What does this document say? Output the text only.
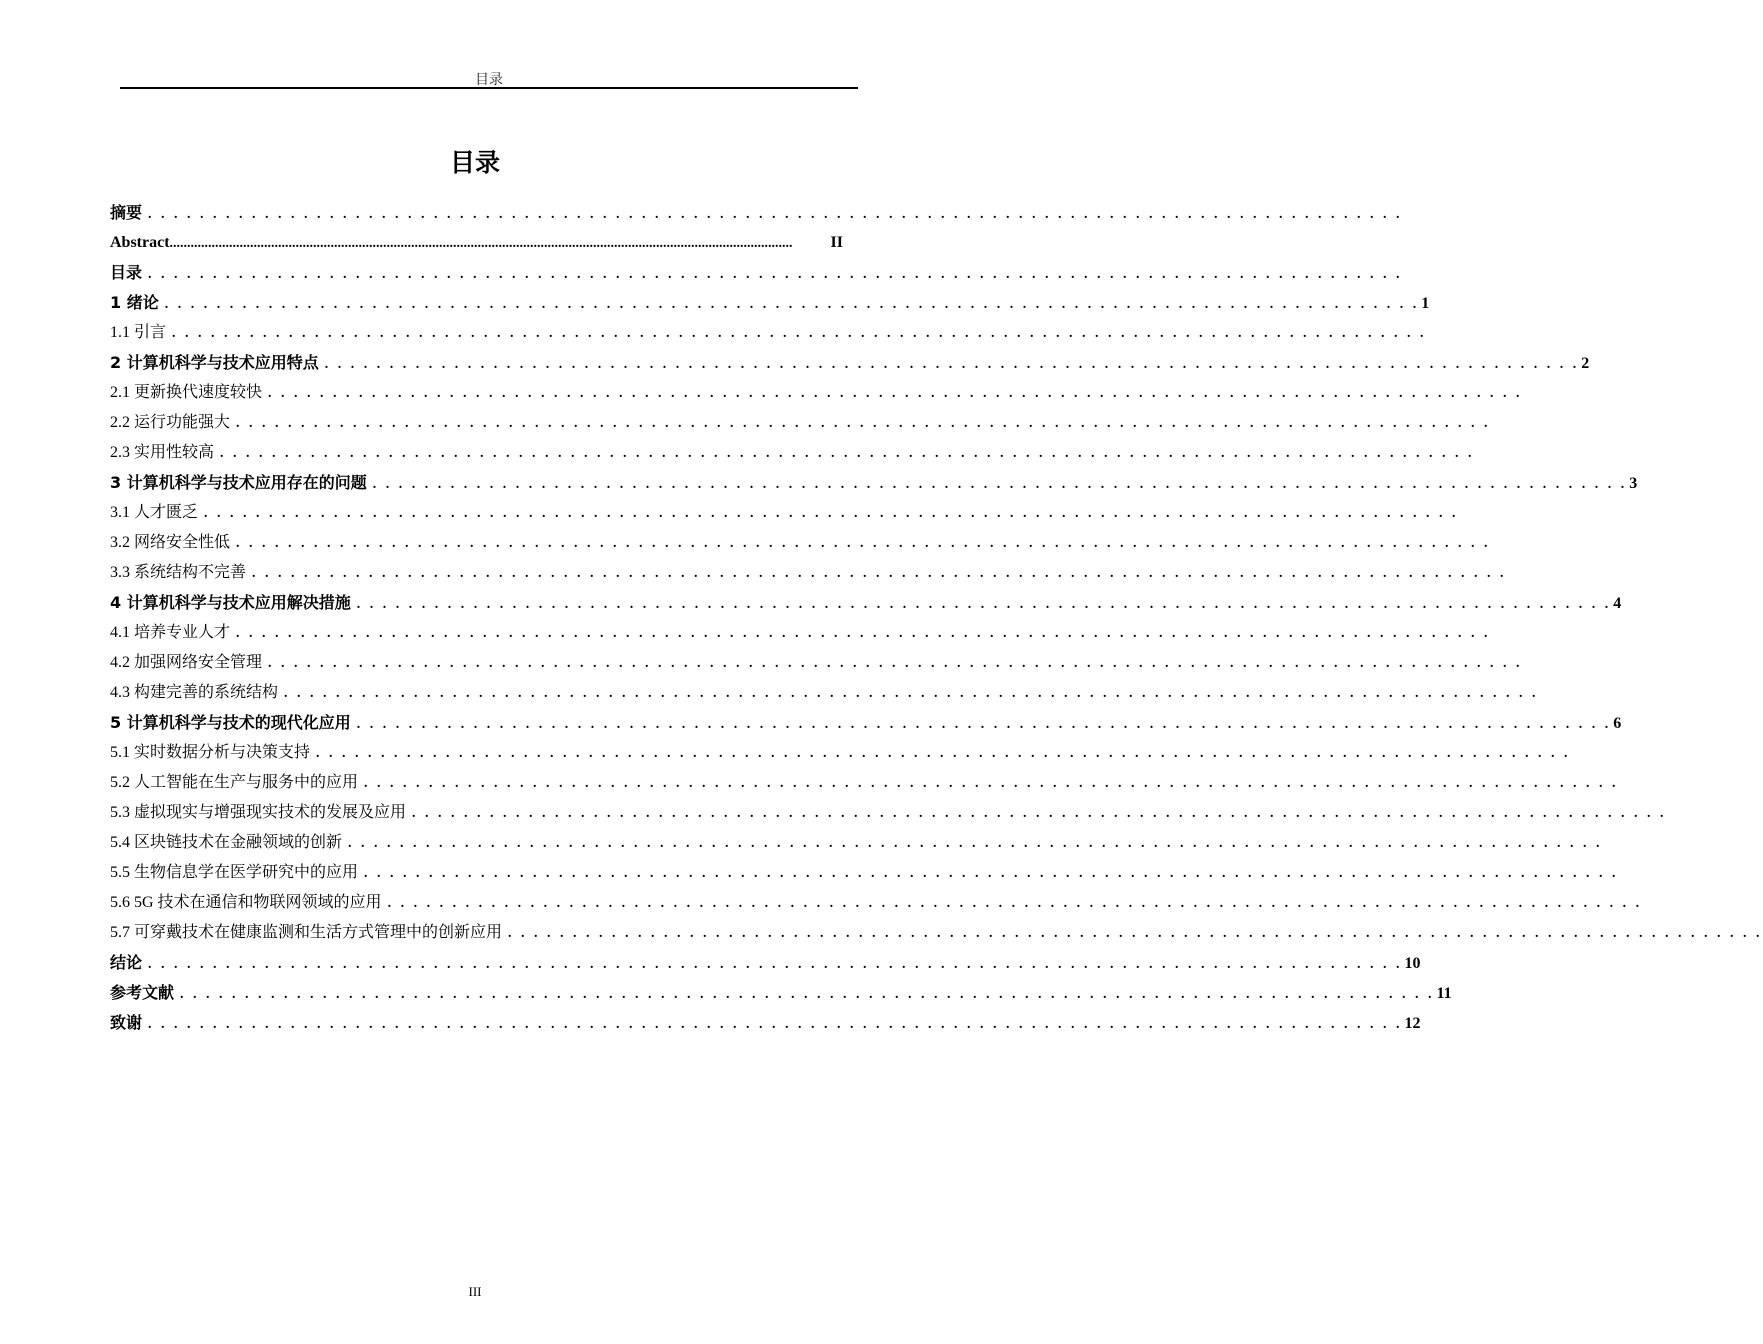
目录
目录
摘要 . . . . . . . . . . . . . . . . . . . . . . . . . . . . . . . . . . . . . . . . . . . . . . . . . . . . . . . . . . . . . . . . . . . . . . . . . . . . . . . . . . . . . . . . . . . . . . . . .
Abstract ..................................................................................................................................................................................	II
目录 . . . . . . . . . . . . . . . . . . . . . . . . . . . . . . . . . . . . . . . . . . . . . . . . . . . . . . . . . . . . . . . . . . . . . . . . . . . . . . . . . . . . . . . . . . . . . . . . .
1 绪论 . . . . . . . . . . . . . . . . . . . . . . . . . . . . . . . . . . . . . . . . . . . . . . . . . . . . . . . . . . . . . . . . . . . . . . . . . . . . . . . . . . . . . . . . . . . . . . . . . 1
1.1 引言 . . . . . . . . . . . . . . . . . . . . . . . . . . . . . . . . . . . . . . . . . . . . . . . . . . . . . . . . . . . . . . . . . . . . . . . . . . . . . . . . . . . . . . . . . . . . . . . . .
2 计算机科学与技术应用特点 . . . . . . . . . . . . . . . . . . . . . . . . . . . . . . . . . . . . . . . . . . . . . . . . . . . . . . . . . . . . . . . . . . . . . . . . . . . . . . . . . . . . . . . . . . . . . . . . . 2
2.1 更新换代速度较快 . . . . . . . . . . . . . . . . . . . . . . . . . . . . . . . . . . . . . . . . . . . . . . . . . . . . . . . . . . . . . . . . . . . . . . . . . . . . . . . . . . . . . . . . . . . . . . . . .
2.2 运行功能强大 . . . . . . . . . . . . . . . . . . . . . . . . . . . . . . . . . . . . . . . . . . . . . . . . . . . . . . . . . . . . . . . . . . . . . . . . . . . . . . . . . . . . . . . . . . . . . . . . .
2.3 实用性较高 . . . . . . . . . . . . . . . . . . . . . . . . . . . . . . . . . . . . . . . . . . . . . . . . . . . . . . . . . . . . . . . . . . . . . . . . . . . . . . . . . . . . . . . . . . . . . . . . .
3 计算机科学与技术应用存在的问题 . . . . . . . . . . . . . . . . . . . . . . . . . . . . . . . . . . . . . . . . . . . . . . . . . . . . . . . . . . . . . . . . . . . . . . . . . . . . . . . . . . . . . . . . . . . . . . . . . 3
3.1 人才匮乏 . . . . . . . . . . . . . . . . . . . . . . . . . . . . . . . . . . . . . . . . . . . . . . . . . . . . . . . . . . . . . . . . . . . . . . . . . . . . . . . . . . . . . . . . . . . . . . . . .
3.2 网络安全性低 . . . . . . . . . . . . . . . . . . . . . . . . . . . . . . . . . . . . . . . . . . . . . . . . . . . . . . . . . . . . . . . . . . . . . . . . . . . . . . . . . . . . . . . . . . . . . . . . .
3.3 系统结构不完善 . . . . . . . . . . . . . . . . . . . . . . . . . . . . . . . . . . . . . . . . . . . . . . . . . . . . . . . . . . . . . . . . . . . . . . . . . . . . . . . . . . . . . . . . . . . . . . . . .
4 计算机科学与技术应用解决措施 . . . . . . . . . . . . . . . . . . . . . . . . . . . . . . . . . . . . . . . . . . . . . . . . . . . . . . . . . . . . . . . . . . . . . . . . . . . . . . . . . . . . . . . . . . . . . . . . . 4
4.1 培养专业人才 . . . . . . . . . . . . . . . . . . . . . . . . . . . . . . . . . . . . . . . . . . . . . . . . . . . . . . . . . . . . . . . . . . . . . . . . . . . . . . . . . . . . . . . . . . . . . . . . .
4.2 加强网络安全管理 . . . . . . . . . . . . . . . . . . . . . . . . . . . . . . . . . . . . . . . . . . . . . . . . . . . . . . . . . . . . . . . . . . . . . . . . . . . . . . . . . . . . . . . . . . . . . . . . .
4.3 构建完善的系统结构 . . . . . . . . . . . . . . . . . . . . . . . . . . . . . . . . . . . . . . . . . . . . . . . . . . . . . . . . . . . . . . . . . . . . . . . . . . . . . . . . . . . . . . . . . . . . . . . . .
5 计算机科学与技术的现代化应用 . . . . . . . . . . . . . . . . . . . . . . . . . . . . . . . . . . . . . . . . . . . . . . . . . . . . . . . . . . . . . . . . . . . . . . . . . . . . . . . . . . . . . . . . . . . . . . . . . 6
5.1 实时数据分析与决策支持 . . . . . . . . . . . . . . . . . . . . . . . . . . . . . . . . . . . . . . . . . . . . . . . . . . . . . . . . . . . . . . . . . . . . . . . . . . . . . . . . . . . . . . . . . . . . . . . . .
5.2 人工智能在生产与服务中的应用 . . . . . . . . . . . . . . . . . . . . . . . . . . . . . . . . . . . . . . . . . . . . . . . . . . . . . . . . . . . . . . . . . . . . . . . . . . . . . . . . . . . . . . . . . . . . . . . . .
5.3 虚拟现实与增强现实技术的发展及应用 . . . . . . . . . . . . . . . . . . . . . . . . . . . . . . . . . . . . . . . . . . . . . . . . . . . . . . . . . . . . . . . . . . . . . . . . . . . . . . . . . . . . . . . . . . . . . . . . .
5.4 区块链技术在金融领域的创新 . . . . . . . . . . . . . . . . . . . . . . . . . . . . . . . . . . . . . . . . . . . . . . . . . . . . . . . . . . . . . . . . . . . . . . . . . . . . . . . . . . . . . . . . . . . . . . . . .
5.5 生物信息学在医学研究中的应用 . . . . . . . . . . . . . . . . . . . . . . . . . . . . . . . . . . . . . . . . . . . . . . . . . . . . . . . . . . . . . . . . . . . . . . . . . . . . . . . . . . . . . . . . . . . . . . . . .
5.6 5G 技术在通信和物联网领域的应用 . . . . . . . . . . . . . . . . . . . . . . . . . . . . . . . . . . . . . . . . . . . . . . . . . . . . . . . . . . . . . . . . . . . . . . . . . . . . . . . . . . . . . . . . . . . . . . . . .
5.7 可穿戴技术在健康监测和生活方式管理中的创新应用 . . . . . . . . . . . . . . . . . . . . . . . . . . . . . . . . . . . . . . . . . . . . . . . . . . . . . . . . . . . . . . . . . . . . . . . . . . . . . . . . . . . . . . . . . . . . . . . . .
结论 . . . . . . . . . . . . . . . . . . . . . . . . . . . . . . . . . . . . . . . . . . . . . . . . . . . . . . . . . . . . . . . . . . . . . . . . . . . . . . . . . . . . . . . . . . . . . . . . . 10
参考文献 . . . . . . . . . . . . . . . . . . . . . . . . . . . . . . . . . . . . . . . . . . . . . . . . . . . . . . . . . . . . . . . . . . . . . . . . . . . . . . . . . . . . . . . . . . . . . . . . . 11
致谢 . . . . . . . . . . . . . . . . . . . . . . . . . . . . . . . . . . . . . . . . . . . . . . . . . . . . . . . . . . . . . . . . . . . . . . . . . . . . . . . . . . . . . . . . . . . . . . . . . 12
III
